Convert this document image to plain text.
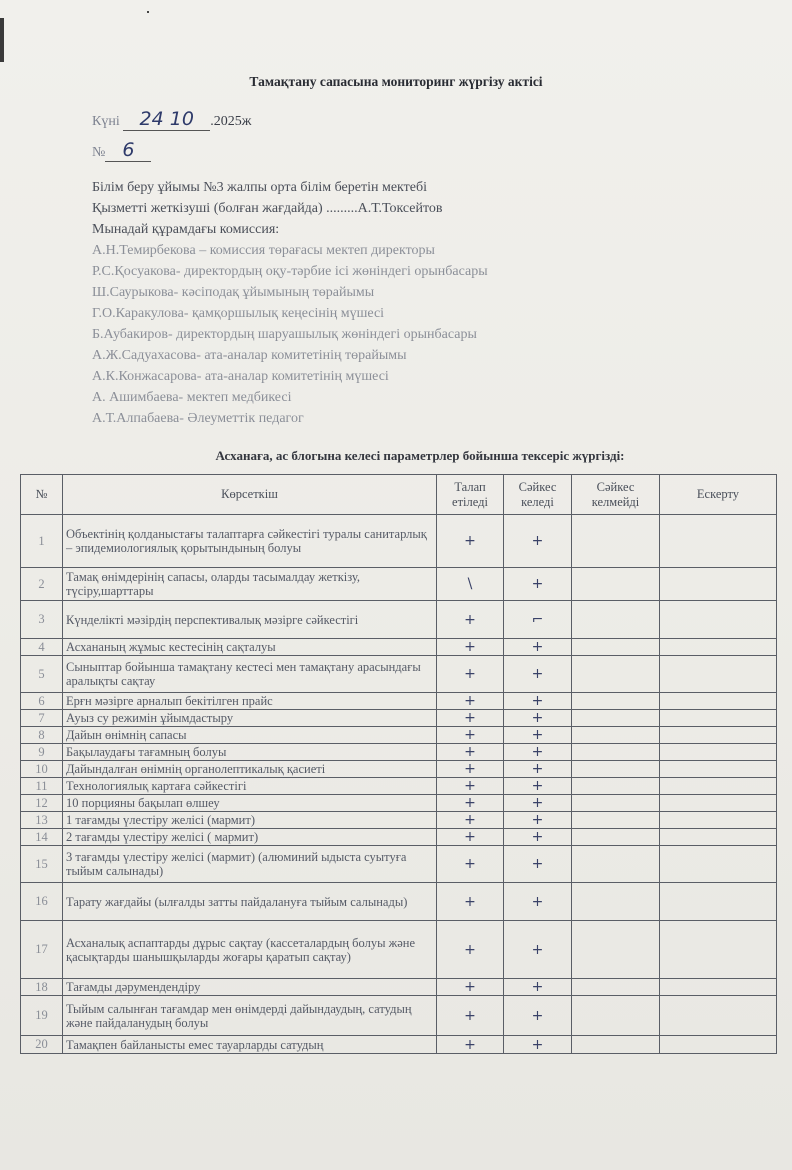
Тамақтану сапасына мониторинг жүргізу актісі
Күні 24 10 .2025ж
№ 6
Білім беру ұйымы №3 жалпы орта білім беретін мектебі
Қызметті жеткізуші (болған жағдайда) .........А.Т.Токсейтов
Мынадай құрамдағы комиссия:
А.Н.Темирбекова – комиссия төрағасы мектеп директоры
Р.С.Қосуакова- директордың оқу-тәрбие ісі жөніндегі орынбасары
Ш.Саурыкова- кәсіподақ ұйымының төрайымы
Г.О.Каракулова- қамқоршылық кеңесінің мүшесі
Б.Аубакиров- директордың шаруашылық жөніндегі орынбасары
А.Ж.Садуахасова- ата-аналар комитетінің төрайымы
А.К.Конжасарова- ата-аналар комитетінің мүшесі
А. Ашимбаева- мектеп медбикесі
А.Т.Алпабаева- Әлеуметтік педагог
Асханаға, ас блогына келесі параметрлер бойынша тексеріс жүргізді:
№	Көрсеткіш	Талап етіледі	Сәйкес келеді	Сәйкес келмейді	Ескерту
1	Объектінің қолданыстағы талаптарға сәйкестігі туралы санитарлық – эпидемиологиялық қорытындының болуы	+	+		
2	Тамақ өнімдерінің сапасы, оларды тасымалдау жеткізу, түсіру,шарттары	\	+		
3	Күнделікті мәзірдің перспективалық мәзірге сәйкестігі	+	⌐		
4	Асхананың жұмыс кестесінің сақталуы	+	+		
5	Сыныптар бойынша тамақтану кестесі мен тамақтану арасындағы аралықты сақтау	+	+		
6	Ерғн мәзірге арналып бекітілген прайс	+	+		
7	Ауыз су режимін ұйымдастыру	+	+		
8	Дайын өнімнің сапасы	+	+		
9	Бақылаудағы тағамның болуы	+	+		
10	Дайындалған өнімнің органолептикалық қасиеті	+	+		
11	Технологиялық картаға сәйкестігі	+	+		
12	10 порцияны бақылап өлшеу	+	+		
13	1 тағамды үлестіру желісі (мармит)	+	+		
14	2 тағамды үлестіру желісі ( мармит)	+	+		
15	3 тағамды үлестіру желісі (мармит) (алюминий ыдыста суытуға тыйым салынады)	+	+		
16	Тарату жағдайы (ылғалды затты пайдалануға тыйым салынады)	+	+		
17	Асханалық аспаптарды дұрыс сақтау (кассеталардың болуы және қасықтарды шанышқыларды жоғары қаратып сақтау)	+	+		
18	Тағамды дәрумендендіру	+	+		
19	Тыйым салынған тағамдар мен өнімдерді дайындаудың, сатудың және пайдаланудың болуы	+	+		
20	Тамақпен байланысты емес тауарларды сатудың	+	+		
